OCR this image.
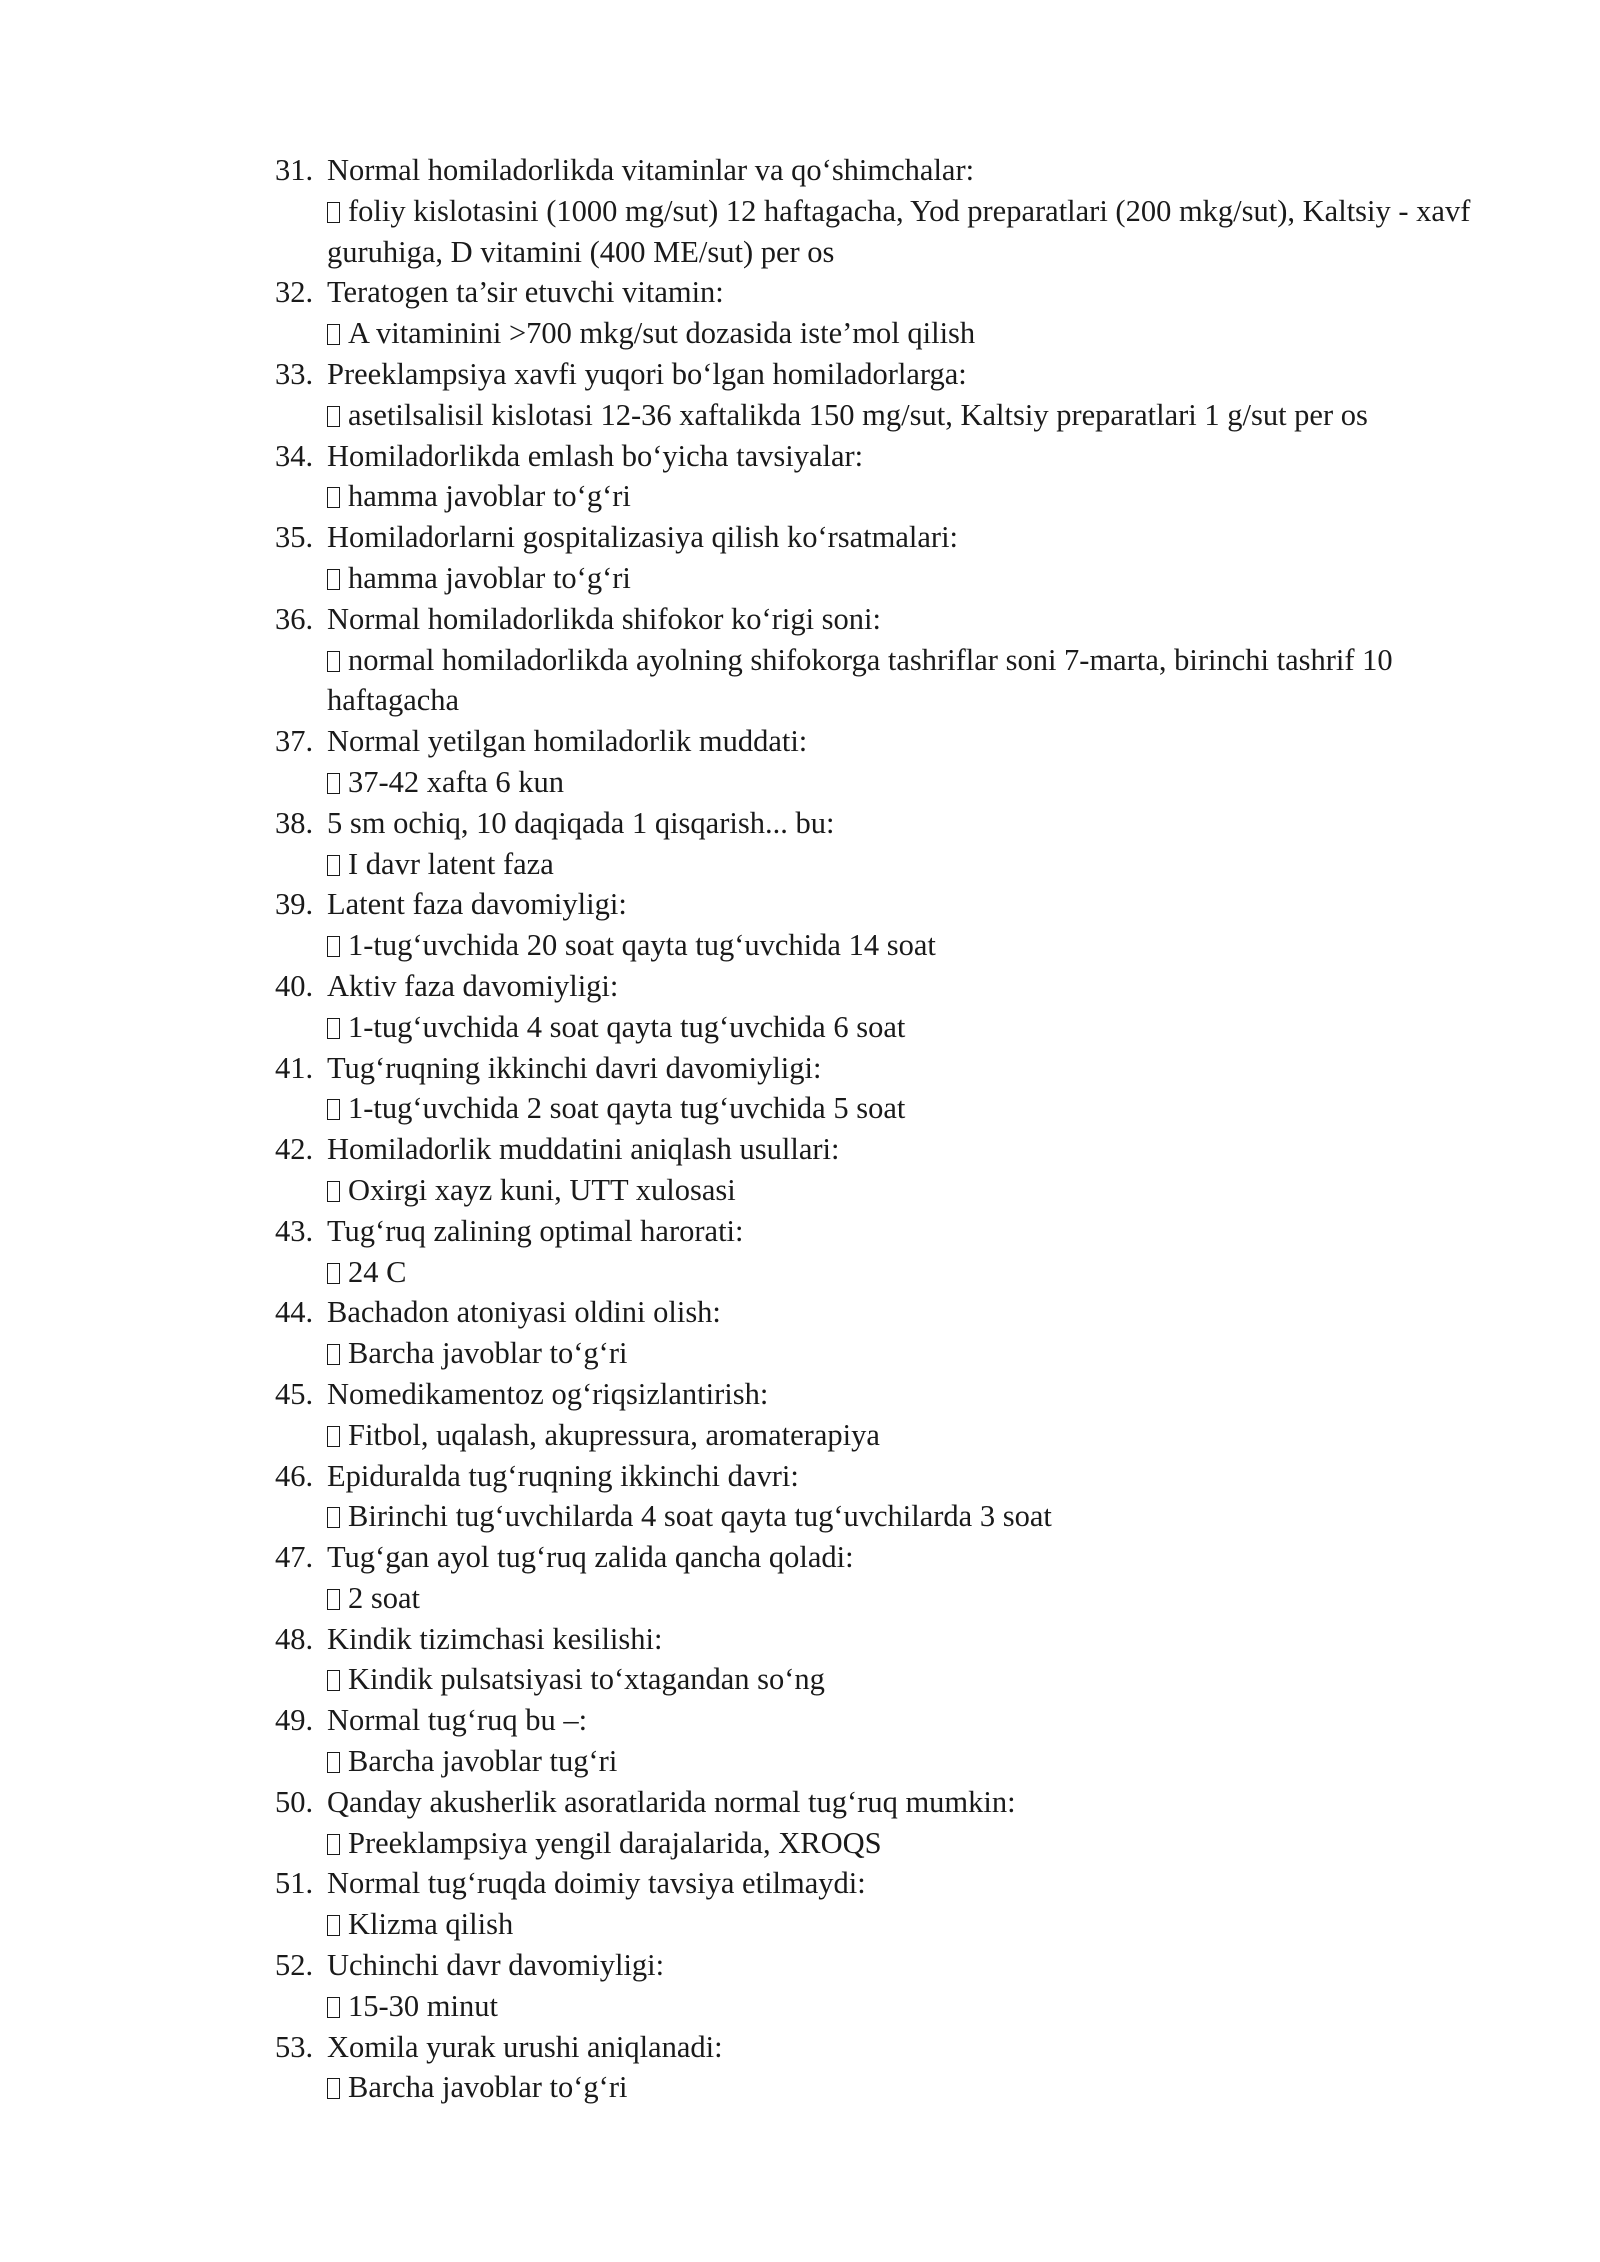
31. Normal homiladorlikda vitaminlar va qo‘shimchalar:
foliy kislotasini (1000 mg/sut) 12 haftagacha, Yod preparatlari (200 mkg/sut), Kaltsiy - xavf guruhiga, D vitamini (400 ME/sut) per os
32. Teratogen ta’sir etuvchi vitamin:
A vitaminini >700 mkg/sut dozasida iste’mol qilish
33. Preeklampsiya xavfi yuqori bo‘lgan homiladorlarga:
asetilsalisil kislotasi 12-36 xaftalikda 150 mg/sut, Kaltsiy preparatlari 1 g/sut per os
34. Homiladorlikda emlash bo‘yicha tavsiyalar:
hamma javoblar to‘g‘ri
35. Homiladorlarni gospitalizasiya qilish ko‘rsatmalari:
hamma javoblar to‘g‘ri
36. Normal homiladorlikda shifokor ko‘rigi soni:
normal homiladorlikda ayolning shifokorga tashriflar soni 7-marta, birinchi tashrif 10 haftagacha
37. Normal yetilgan homiladorlik muddati:
37-42 xafta 6 kun
38. 5 sm ochiq, 10 daqiqada 1 qisqarish... bu:
I davr latent faza
39. Latent faza davomiyligi:
1-tug‘uvchida 20 soat qayta tug‘uvchida 14 soat
40. Aktiv faza davomiyligi:
1-tug‘uvchida 4 soat qayta tug‘uvchida 6 soat
41. Tug‘ruqning ikkinchi davri davomiyligi:
1-tug‘uvchida 2 soat qayta tug‘uvchida 5 soat
42. Homiladorlik muddatini aniqlash usullari:
Oxirgi xayz kuni, UTT xulosasi
43. Tug‘ruq zalining optimal harorati:
24 C
44. Bachadon atoniyasi oldini olish:
Barcha javoblar to‘g‘ri
45. Nomedikamentoz og‘riqsizlantirish:
Fitbol, uqalash, akupressura, aromaterapiya
46. Epiduralda tug‘ruqning ikkinchi davri:
Birinchi tug‘uvchilarda 4 soat qayta tug‘uvchilarda 3 soat
47. Tug‘gan ayol tug‘ruq zalida qancha qoladi:
2 soat
48. Kindik tizimchasi kesilishi:
Kindik pulsatsiyasi to‘xtagandan so‘ng
49. Normal tug‘ruq bu –:
Barcha javoblar tug‘ri
50. Qanday akusherlik asoratlarida normal tug‘ruq mumkin:
Preeklampsiya yengil darajalarida, XROQS
51. Normal tug‘ruqda doimiy tavsiya etilmaydi:
Klizma qilish
52. Uchinchi davr davomiyligi:
15-30 minut
53. Xomila yurak urushi aniqlanadi:
Barcha javoblar to‘g‘ri
